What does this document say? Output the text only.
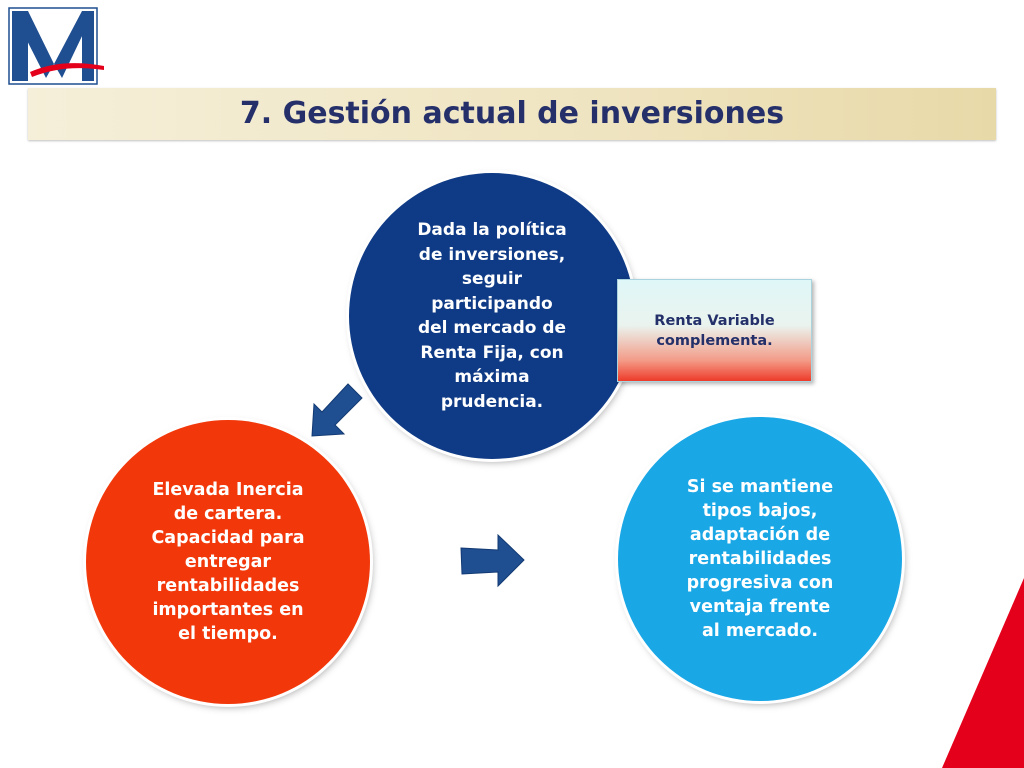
7. Gestión actual de inversiones
Dada la política
de inversiones,
seguir
participando
del mercado de
Renta Fija, con
máxima
prudencia.
Renta Variable
complementa.
Elevada Inercia
de cartera.
Capacidad para
entregar
rentabilidades
importantes en
el tiempo.
Si se mantiene
tipos bajos,
adaptación de
rentabilidades
progresiva con
ventaja frente
al mercado.
